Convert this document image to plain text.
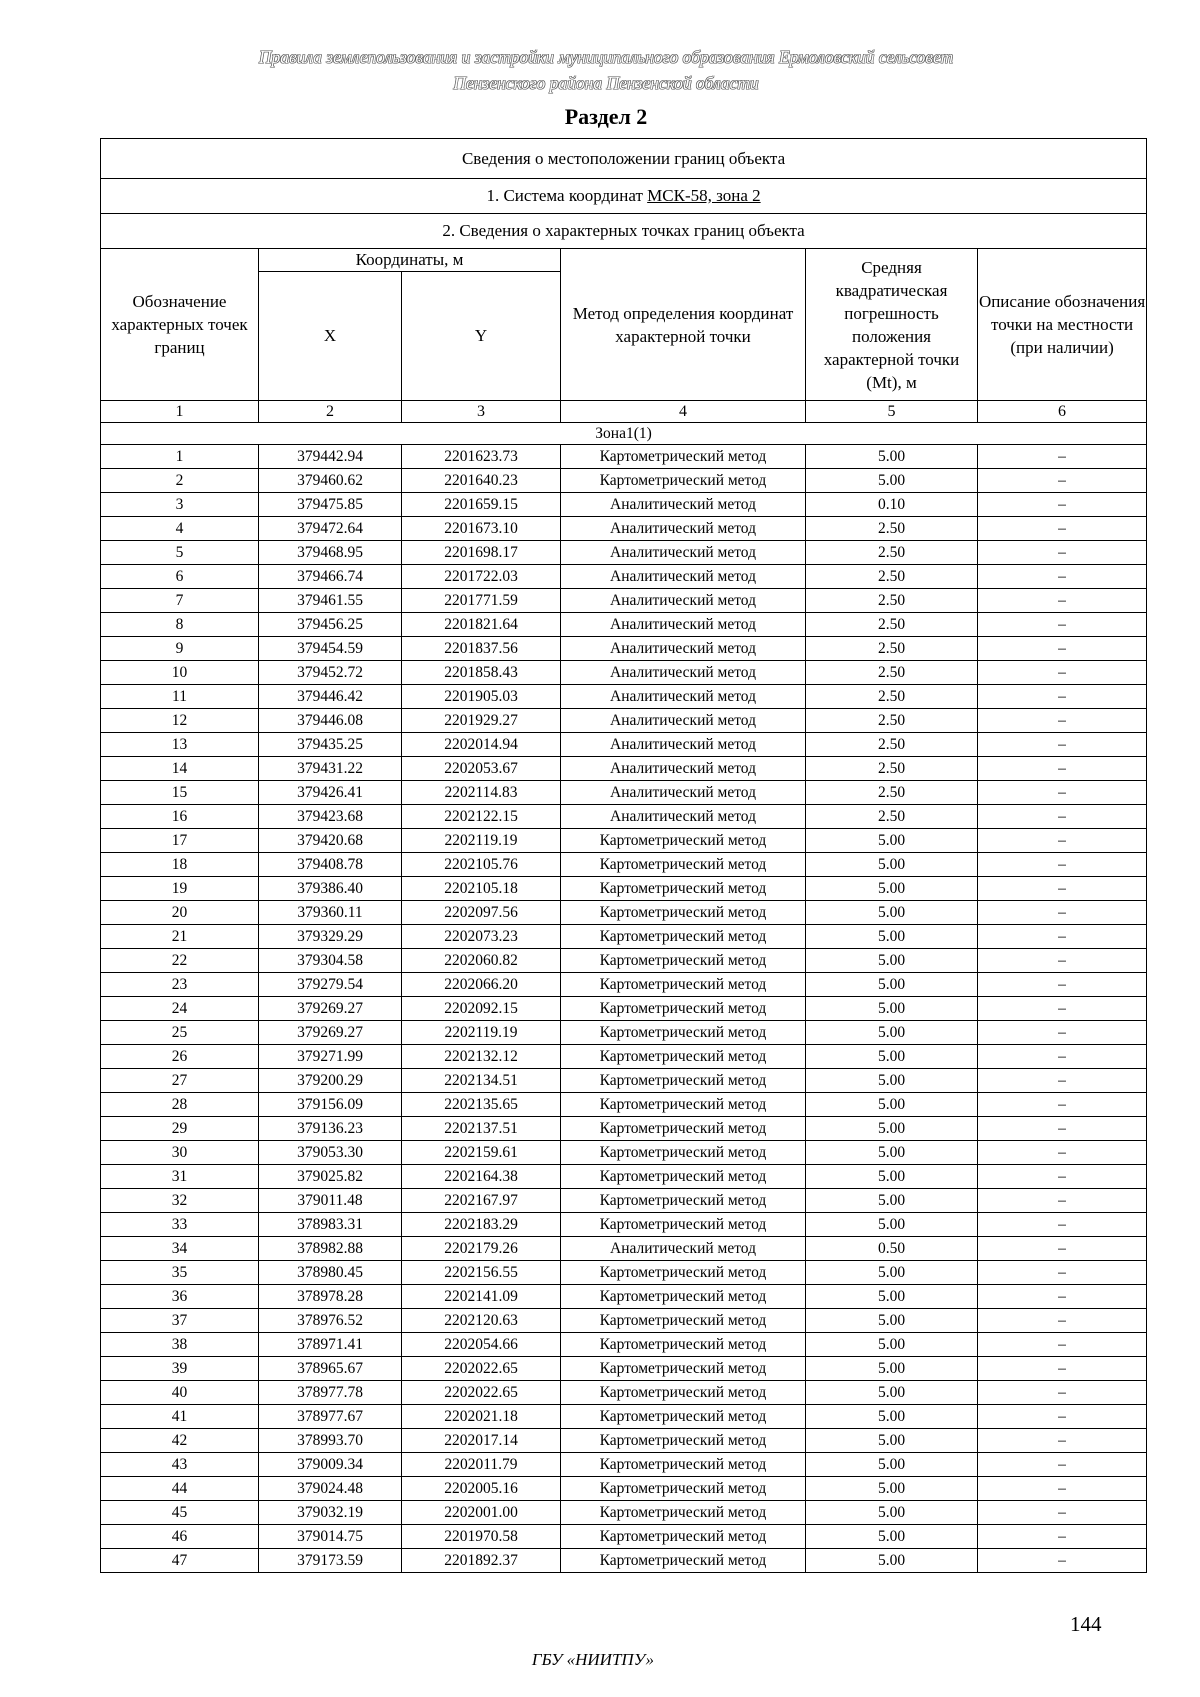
Правила землепользования и застройки муниципального образования Ермоловский сельсовет
Пензенского района Пензенской области
Раздел 2
Сведения о местоположении границ объекта					
1. Система координат МСК-58, зона 2					
2. Сведения о характерных точках границ объекта					
Обозначение характерных точек границ	Координаты, м		Метод определения координат характерной точки	Средняя квадратическая погрешность положения характерной точки (Mt), м	Описание обозначения точки на местности (при наличии)
	X	Y			
1	2	3	4	5	6
Зона1(1)					
1	379442.94	2201623.73	Картометрический метод	5.00	–
2	379460.62	2201640.23	Картометрический метод	5.00	–
3	379475.85	2201659.15	Аналитический метод	0.10	–
4	379472.64	2201673.10	Аналитический метод	2.50	–
5	379468.95	2201698.17	Аналитический метод	2.50	–
6	379466.74	2201722.03	Аналитический метод	2.50	–
7	379461.55	2201771.59	Аналитический метод	2.50	–
8	379456.25	2201821.64	Аналитический метод	2.50	–
9	379454.59	2201837.56	Аналитический метод	2.50	–
10	379452.72	2201858.43	Аналитический метод	2.50	–
11	379446.42	2201905.03	Аналитический метод	2.50	–
12	379446.08	2201929.27	Аналитический метод	2.50	–
13	379435.25	2202014.94	Аналитический метод	2.50	–
14	379431.22	2202053.67	Аналитический метод	2.50	–
15	379426.41	2202114.83	Аналитический метод	2.50	–
16	379423.68	2202122.15	Аналитический метод	2.50	–
17	379420.68	2202119.19	Картометрический метод	5.00	–
18	379408.78	2202105.76	Картометрический метод	5.00	–
19	379386.40	2202105.18	Картометрический метод	5.00	–
20	379360.11	2202097.56	Картометрический метод	5.00	–
21	379329.29	2202073.23	Картометрический метод	5.00	–
22	379304.58	2202060.82	Картометрический метод	5.00	–
23	379279.54	2202066.20	Картометрический метод	5.00	–
24	379269.27	2202092.15	Картометрический метод	5.00	–
25	379269.27	2202119.19	Картометрический метод	5.00	–
26	379271.99	2202132.12	Картометрический метод	5.00	–
27	379200.29	2202134.51	Картометрический метод	5.00	–
28	379156.09	2202135.65	Картометрический метод	5.00	–
29	379136.23	2202137.51	Картометрический метод	5.00	–
30	379053.30	2202159.61	Картометрический метод	5.00	–
31	379025.82	2202164.38	Картометрический метод	5.00	–
32	379011.48	2202167.97	Картометрический метод	5.00	–
33	378983.31	2202183.29	Картометрический метод	5.00	–
34	378982.88	2202179.26	Аналитический метод	0.50	–
35	378980.45	2202156.55	Картометрический метод	5.00	–
36	378978.28	2202141.09	Картометрический метод	5.00	–
37	378976.52	2202120.63	Картометрический метод	5.00	–
38	378971.41	2202054.66	Картометрический метод	5.00	–
39	378965.67	2202022.65	Картометрический метод	5.00	–
40	378977.78	2202022.65	Картометрический метод	5.00	–
41	378977.67	2202021.18	Картометрический метод	5.00	–
42	378993.70	2202017.14	Картометрический метод	5.00	–
43	379009.34	2202011.79	Картометрический метод	5.00	–
44	379024.48	2202005.16	Картометрический метод	5.00	–
45	379032.19	2202001.00	Картометрический метод	5.00	–
46	379014.75	2201970.58	Картометрический метод	5.00	–
47	379173.59	2201892.37	Картометрический метод	5.00	–
144
ГБУ «НИИТПУ»
